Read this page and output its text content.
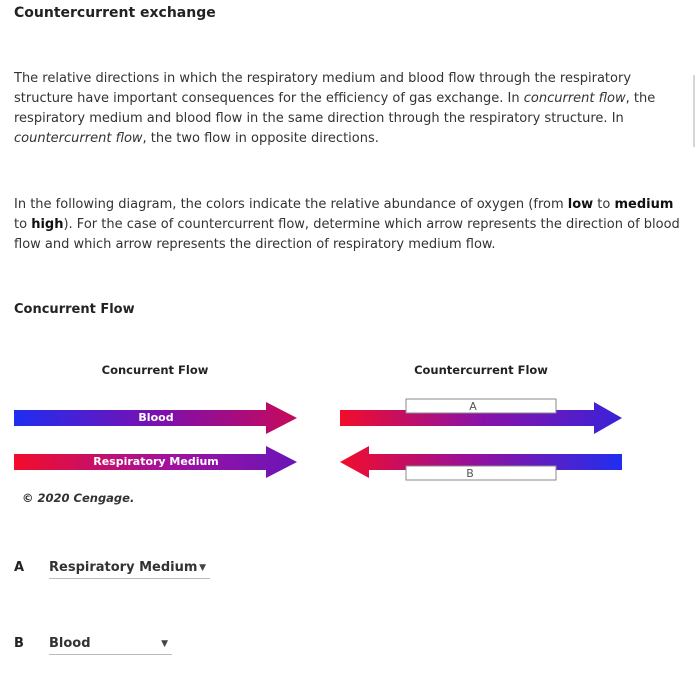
Countercurrent exchange
The relative directions in which the respiratory medium and blood flow through the respiratory structure have important consequences for the efficiency of gas exchange. In concurrent flow, the respiratory medium and blood flow in the same direction through the respiratory structure. In countercurrent flow, the two flow in opposite directions.
In the following diagram, the colors indicate the relative abundance of oxygen (from low to medium to high). For the case of countercurrent flow, determine which arrow represents the direction of blood flow and which arrow represents the direction of respiratory medium flow.
Concurrent Flow
Concurrent Flow	Countercurrent Flow
Blood
Respiratory Medium
A
B
© 2020 Cengage.
A Respiratory Medium ▼
B Blood	▼
